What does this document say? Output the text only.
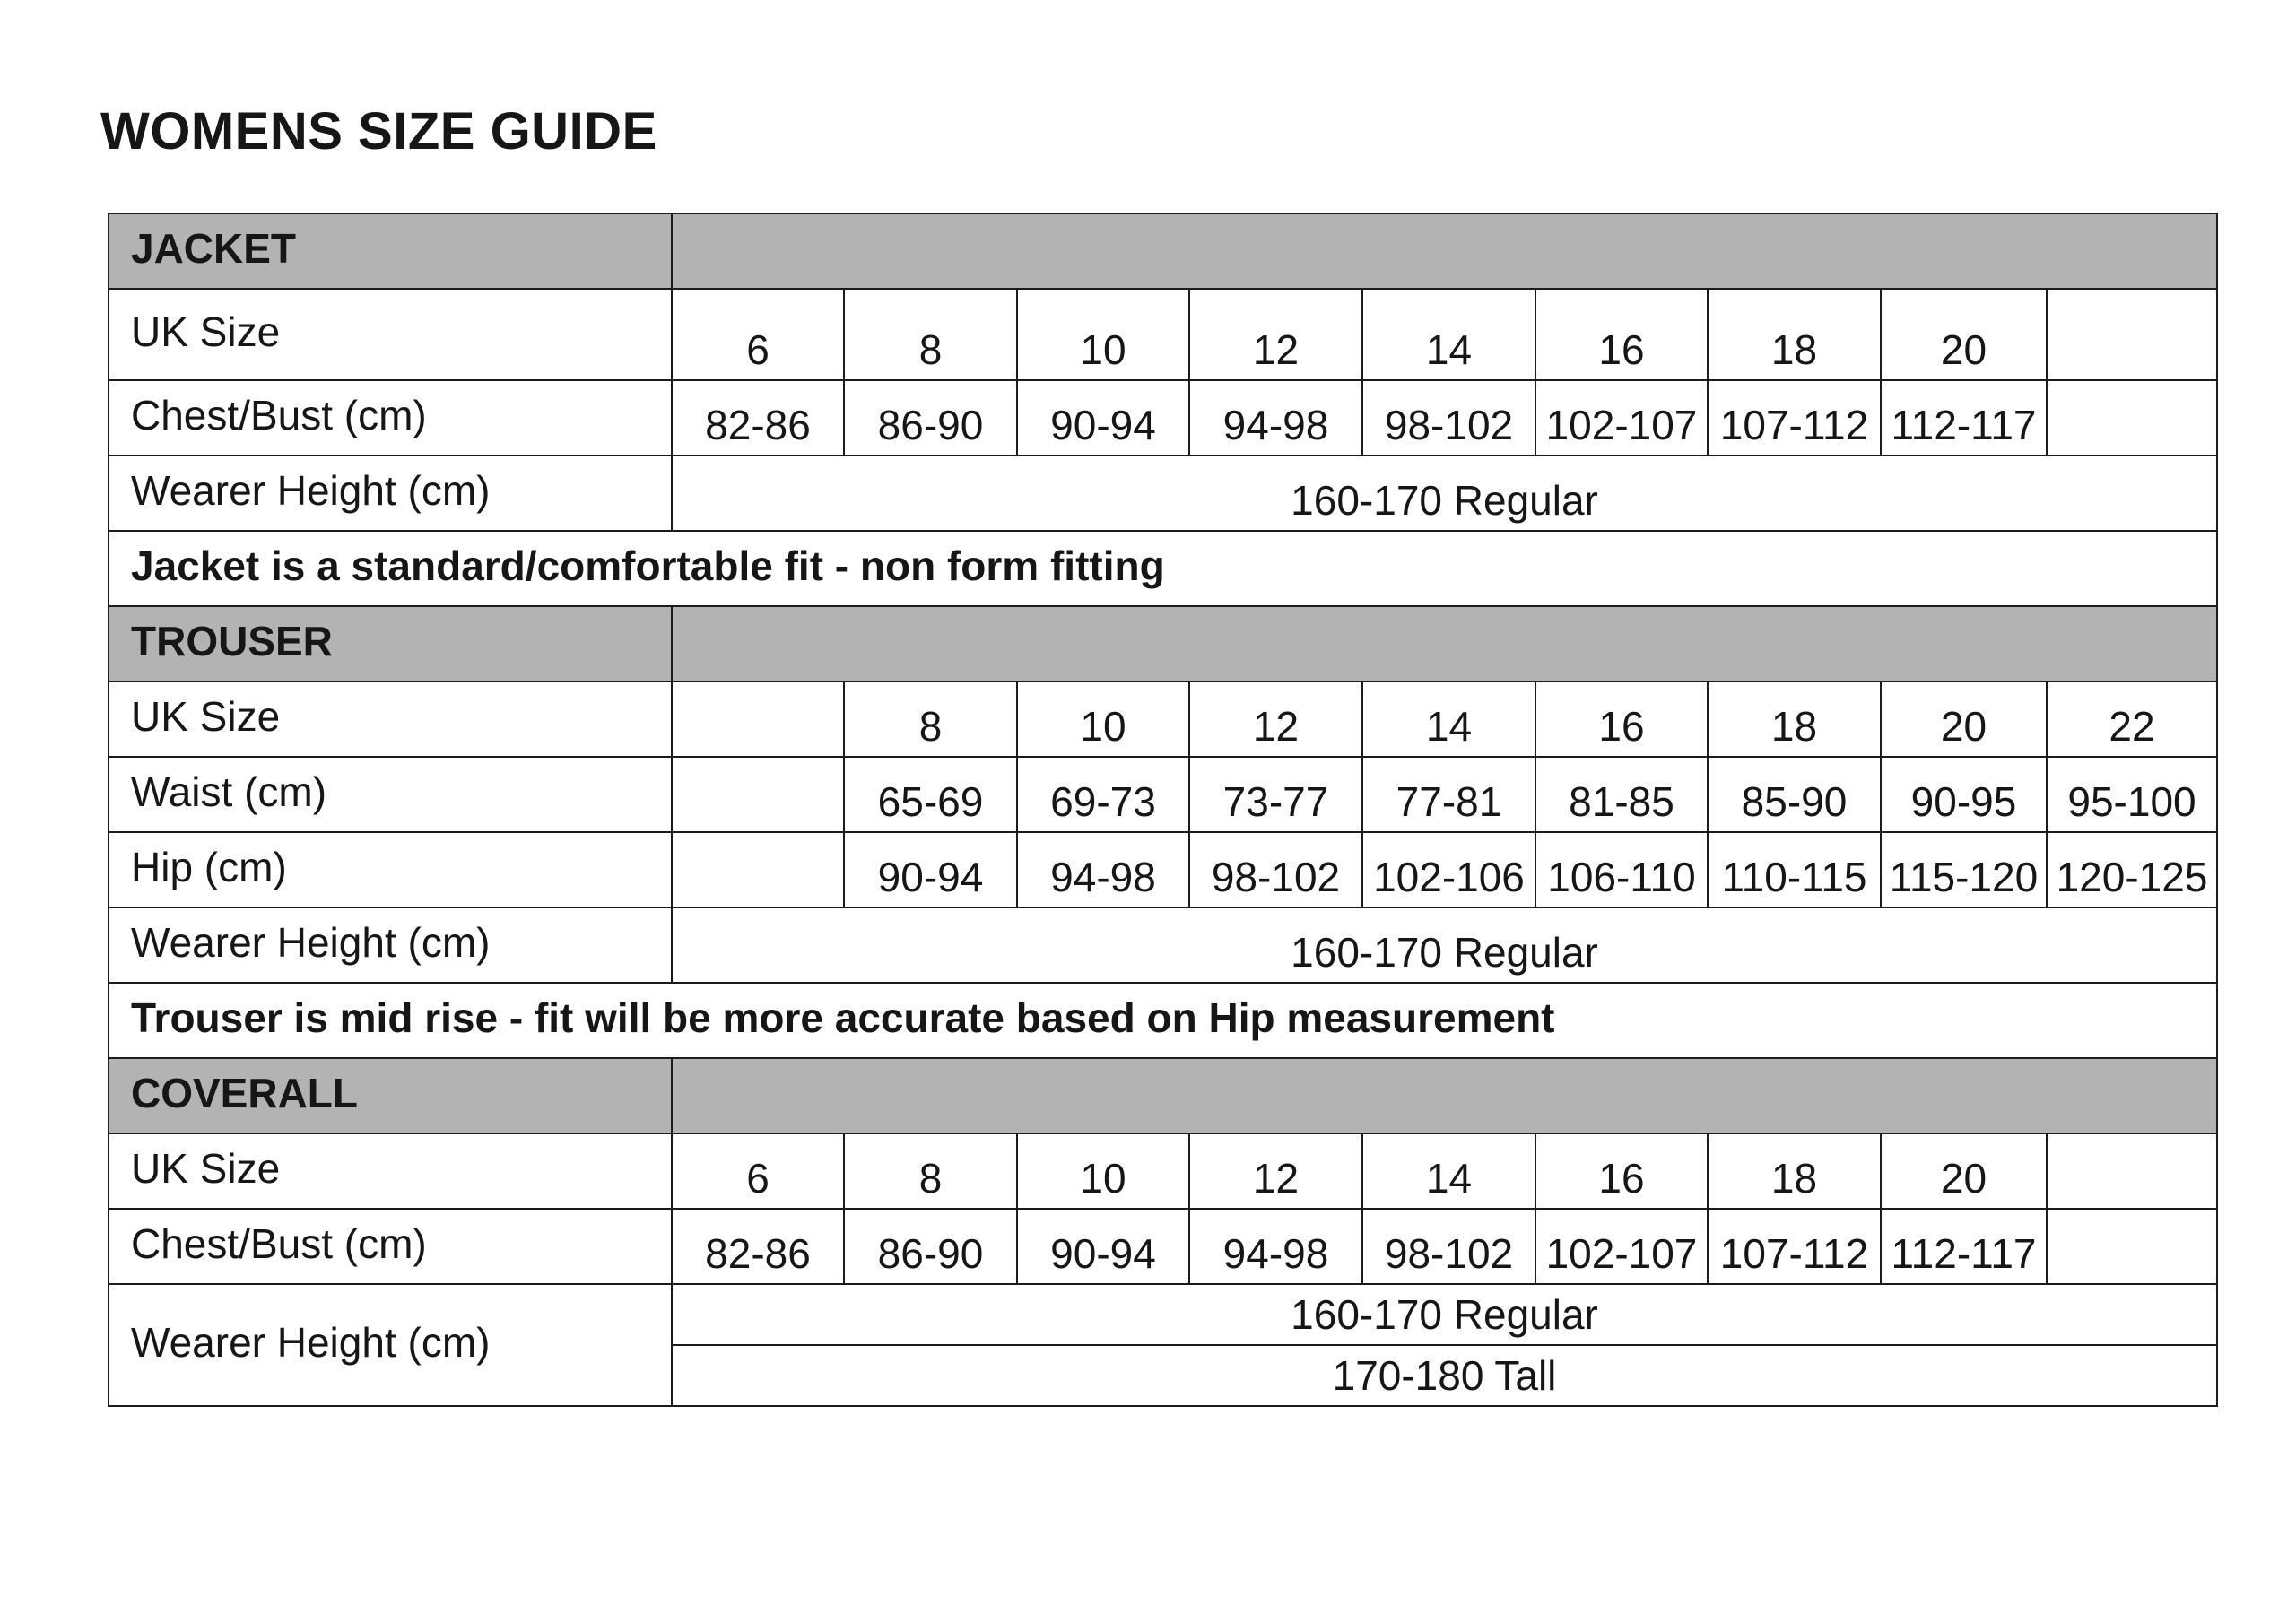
WOMENS SIZE GUIDE
JACKET									
UK Size	6	8	10	12	14	16	18	20	
Chest/Bust (cm)	82-86	86-90	90-94	94-98	98-102	102-107	107-112	112-117	
Wearer Height (cm)	160-170 Regular								
Jacket is a standard/comfortable fit - non form fitting									
TROUSER									
UK Size		8	10	12	14	16	18	20	22
Waist (cm)		65-69	69-73	73-77	77-81	81-85	85-90	90-95	95-100
Hip (cm)		90-94	94-98	98-102	102-106	106-110	110-115	115-120	120-125
Wearer Height (cm)	160-170 Regular								
Trouser is mid rise - fit will be more accurate based on Hip measurement									
COVERALL									
UK Size	6	8	10	12	14	16	18	20	
Chest/Bust (cm)	82-86	86-90	90-94	94-98	98-102	102-107	107-112	112-117	
Wearer Height (cm)	160-170 Regular								
	170-180 Tall								
